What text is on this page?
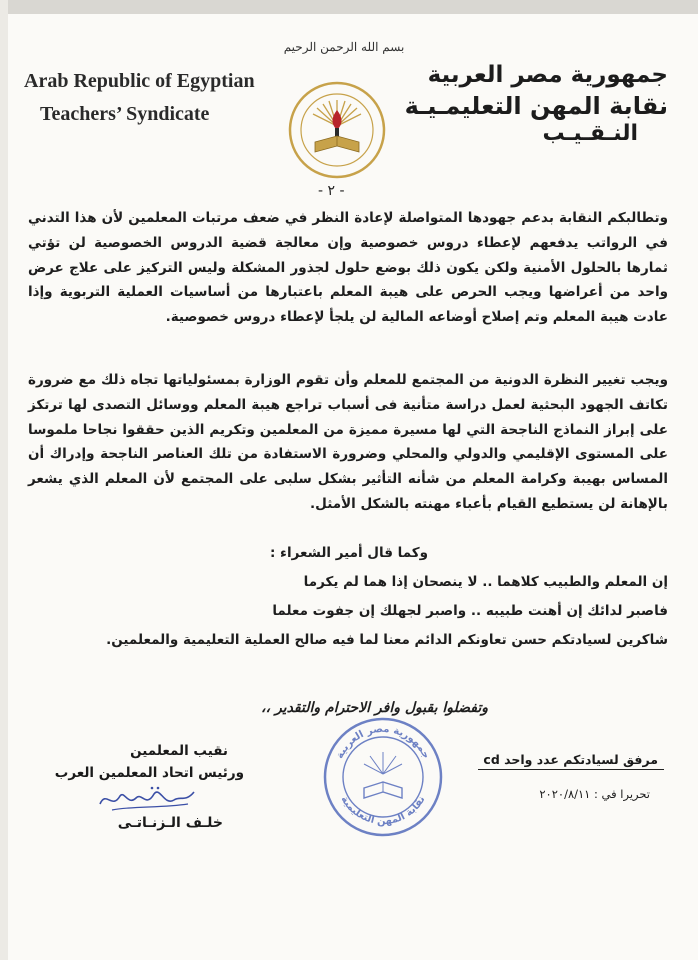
Arab Republic of Egyptian
Teachers’ Syndicate
جمهورية مصر العربية
نقابة المهن التعليمـيـة
النـقـيـب
بسم الله الرحمن الرحيم
- ٢ -
وتطالبكم النقابة بدعم جهودها المتواصلة لإعادة النظر في ضعف مرتبات المعلمين لأن هذا التدني في الرواتب يدفعهم لإعطاء دروس خصوصية وإن معالجة قضية الدروس الخصوصية لن تؤتي ثمارها بالحلول الأمنية ولكن يكون ذلك بوضع حلول لجذور المشكلة وليس التركيز على علاج عرض واحد من أعراضها ويجب الحرص على هيبة المعلم باعتبارها من أساسيات العملية التربوية وإذا عادت هيبة المعلم وتم إصلاح أوضاعه المالية لن يلجأ لإعطاء دروس خصوصية.
ويجب تغيير النظرة الدونية من المجتمع للمعلم وأن تقوم الوزارة بمسئولياتها تجاه ذلك مع ضرورة تكاتف الجهود البحثية لعمل دراسة متأنية فى أسباب تراجع هيبة المعلم ووسائل التصدى لها ترتكز على إبراز النماذج الناجحة التي لها مسيرة مميزة من المعلمين وتكريم الذين حققوا نجاحا ملموسا على المستوى الإقليمي والدولي والمحلي وضرورة الاستفادة من تلك العناصر الناجحة وإدراك أن المساس بهيبة وكرامة المعلم من شأنه التأثير بشكل سلبى على المجتمع لأن المعلم الذي يشعر بالإهانة لن يستطيع القيام بأعباء مهنته بالشكل الأمثل.
وكما قال أمير الشعراء :
إن المعلم والطبيب كلاهما .. لا ينصحان إذا هما لم يكرما
فاصبر لدائك إن أهنت طبيبه .. واصبر لجهلك إن جفوت معلما
شاكرين لسيادتكم حسن تعاونكم الدائم معنا لما فيه صالح العملية التعليمية والمعلمين.
وتفضلوا بقبول وافر الاحترام والتقدير ،،
نقيب المعلمين
ورئيس اتحاد المعلمين العرب
خلـف الـزنـاتـى
مرفق لسيادتكم عدد واحد cd
تحريرا في : ٢٠٢٠/٨/١١
جمهورية مصر العربية
نقابة المهن التعليمية
